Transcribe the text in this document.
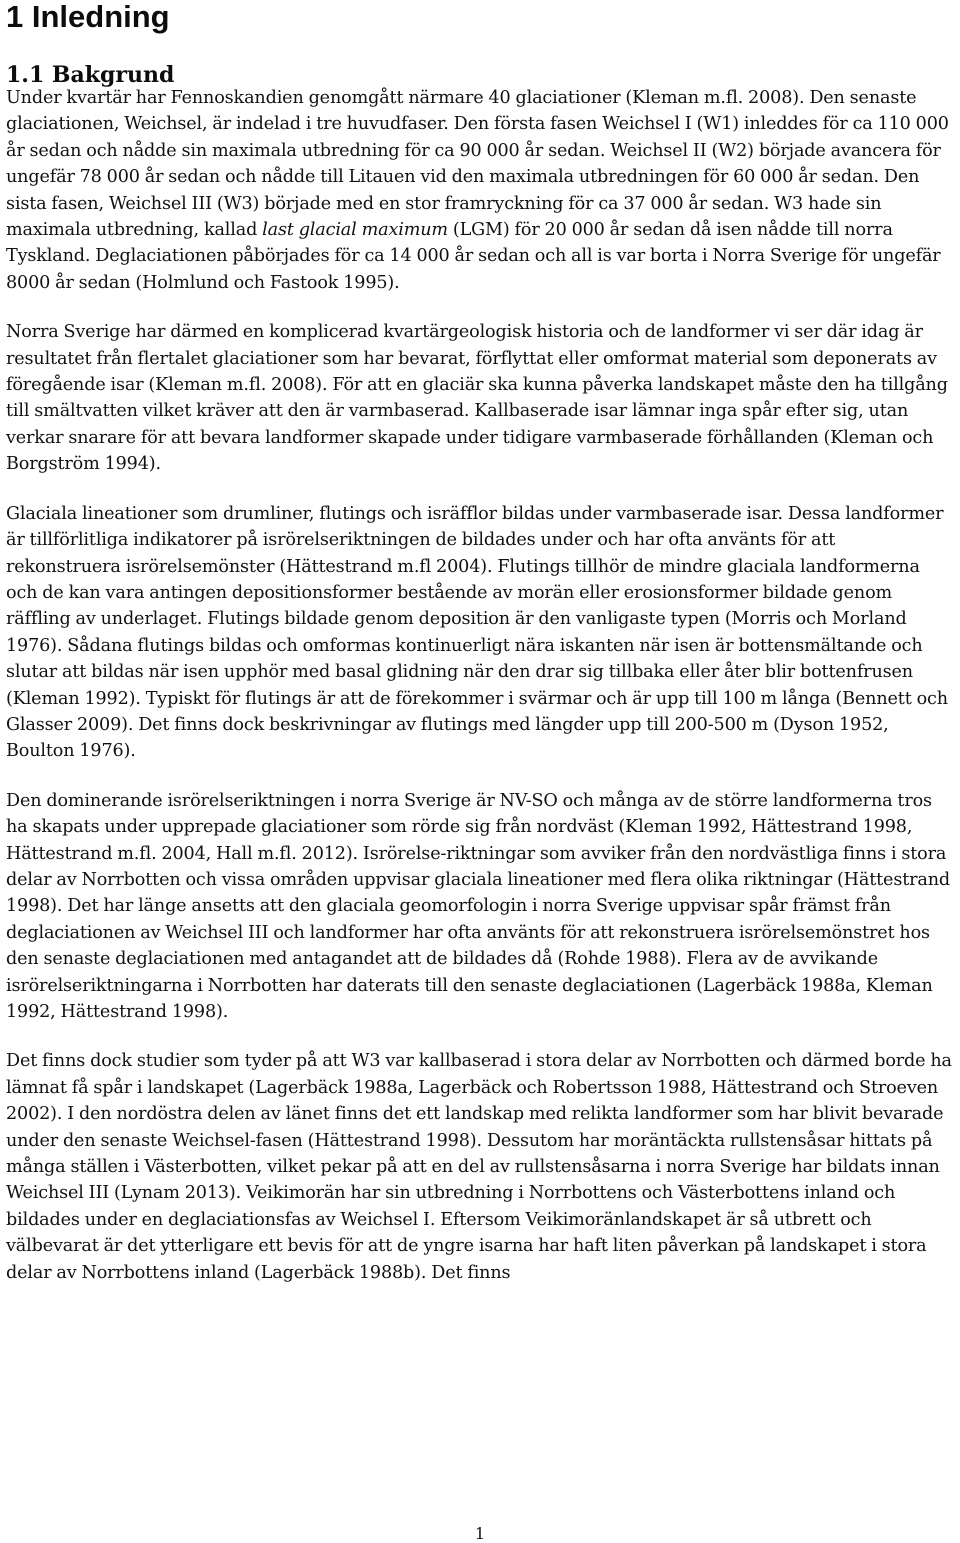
1 Inledning
1.1 Bakgrund

Under kvartär har Fennoskandien genomgått närmare 40 glaciationer (Kleman m.fl. 2008). Den senaste glaciationen, Weichsel, är indelad i tre huvudfaser. Den första fasen Weichsel I (W1) inleddes för ca 110 000 år sedan och nådde sin maximala utbredning för ca 90 000 år sedan. Weichsel II (W2) började avancera för ungefär 78 000 år sedan och nådde till Litauen vid den maximala utbredningen för 60 000 år sedan. Den sista fasen, Weichsel III (W3) började med en stor framryckning för ca 37 000 år sedan. W3 hade sin maximala utbredning, kallad last glacial maximum (LGM) för 20 000 år sedan då isen nådde till norra Tyskland. Deglaciationen påbörjades för ca 14 000 år sedan och all is var borta i Norra Sverige för ungefär 8000 år sedan (Holmlund och Fastook 1995).

Norra Sverige har därmed en komplicerad kvartärgeologisk historia och de landformer vi ser där idag är resultatet från flertalet glaciationer som har bevarat, förflyttat eller omformat material som deponerats av föregående isar (Kleman m.fl. 2008). För att en glaciär ska kunna påverka landskapet måste den ha tillgång till smältvatten vilket kräver att den är varmbaserad. Kallbaserade isar lämnar inga spår efter sig, utan verkar snarare för att bevara landformer skapade under tidigare varmbaserade förhållanden (Kleman och Borgström 1994).

Glaciala lineationer som drumliner, flutings och isräfflor bildas under varmbaserade isar. Dessa landformer är tillförlitliga indikatorer på isrörelseriktningen de bildades under och har ofta använts för att rekonstruera isrörelsemönster (Hättestrand m.fl 2004). Flutings tillhör de mindre glaciala landformerna och de kan vara antingen depositionsformer bestående av morän eller erosionsformer bildade genom räffling av underlaget. Flutings bildade genom deposition är den vanligaste typen (Morris och Morland 1976). Sådana flutings bildas och omformas kontinuerligt nära iskanten när isen är bottensmältande och slutar att bildas när isen upphör med basal glidning när den drar sig tillbaka eller åter blir bottenfrusen (Kleman 1992). Typiskt för flutings är att de förekommer i svärmar och är upp till 100 m långa (Bennett och Glasser 2009). Det finns dock beskrivningar av flutings med längder upp till 200-500 m (Dyson 1952, Boulton 1976).

Den dominerande isrörelseriktningen i norra Sverige är NV-SO och många av de större landformerna tros ha skapats under upprepade glaciationer som rörde sig från nordväst (Kleman 1992, Hättestrand 1998, Hättestrand m.fl. 2004, Hall m.fl. 2012). Isrörelse-riktningar som avviker från den nordvästliga finns i stora delar av Norrbotten och vissa områden uppvisar glaciala lineationer med flera olika riktningar (Hättestrand 1998). Det har länge ansetts att den glaciala geomorfologin i norra Sverige uppvisar spår främst från deglaciationen av Weichsel III och landformer har ofta använts för att rekonstruera isrörelsemönstret hos den senaste deglaciationen med antagandet att de bildades då (Rohde 1988). Flera av de avvikande isrörelseriktningarna i Norrbotten har daterats till den senaste deglaciationen (Lagerbäck 1988a, Kleman 1992, Hättestrand 1998).

Det finns dock studier som tyder på att W3 var kallbaserad i stora delar av Norrbotten och därmed borde ha lämnat få spår i landskapet (Lagerbäck 1988a, Lagerbäck och Robertsson 1988, Hättestrand och Stroeven 2002). I den nordöstra delen av länet finns det ett landskap med relikta landformer som har blivit bevarade under den senaste Weichsel-fasen (Hättestrand 1998). Dessutom har moräntäckta rullstensåsar hittats på många ställen i Västerbotten, vilket pekar på att en del av rullstensåsarna i norra Sverige har bildats innan Weichsel III (Lynam 2013). Veikimorän har sin utbredning i Norrbottens och Västerbottens inland och bildades under en deglaciationsfas av Weichsel I. Eftersom Veikimoränlandskapet är så utbrett och välbevarat är det ytterligare ett bevis för att de yngre isarna har haft liten påverkan på landskapet i stora delar av Norrbottens inland (Lagerbäck 1988b). Det finns

1
